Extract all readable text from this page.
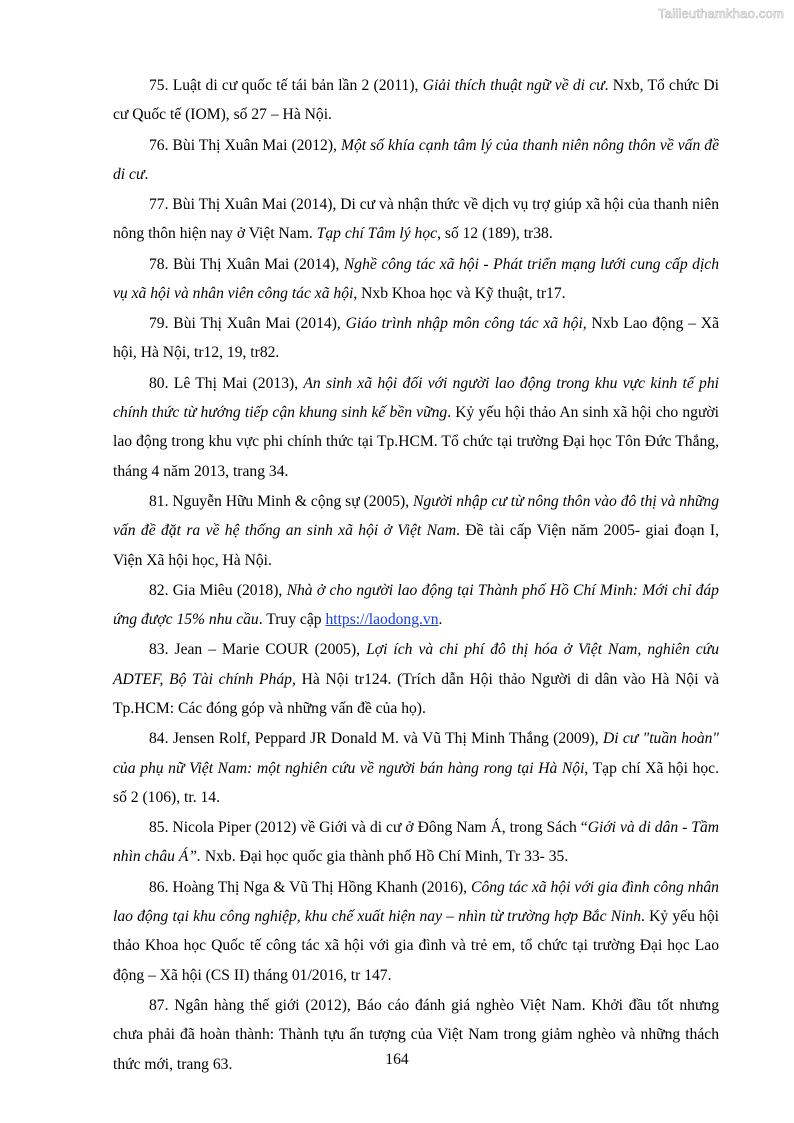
Tailieuthamkhao.com

75. Luật di cư quốc tế tái bản lần 2 (2011), Giải thích thuật ngữ về di cư. Nxb, Tổ chức Di cư Quốc tế (IOM), số 27 – Hà Nội.

76. Bùi Thị Xuân Mai (2012), Một số khía cạnh tâm lý của thanh niên nông thôn về vấn đề di cư.

77. Bùi Thị Xuân Mai (2014), Di cư và nhận thức về dịch vụ trợ giúp xã hội của thanh niên nông thôn hiện nay ở Việt Nam. Tạp chí Tâm lý học, số 12 (189), tr38.

78. Bùi Thị Xuân Mai (2014), Nghề công tác xã hội - Phát triển mạng lưới cung cấp dịch vụ xã hội và nhân viên công tác xã hội, Nxb Khoa học và Kỹ thuật, tr17.

79. Bùi Thị Xuân Mai (2014), Giáo trình nhập môn công tác xã hội, Nxb Lao động – Xã hội, Hà Nội, tr12, 19, tr82.

80. Lê Thị Mai (2013), An sinh xã hội đối với người lao động trong khu vực kinh tế phi chính thức từ hướng tiếp cận khung sinh kế bền vững. Kỷ yếu hội thảo An sinh xã hội cho người lao động trong khu vực phi chính thức tại Tp.HCM. Tổ chức tại trường Đại học Tôn Đức Thắng, tháng 4 năm 2013, trang 34.

81. Nguyễn Hữu Minh & cộng sự (2005), Người nhập cư từ nông thôn vào đô thị và những vấn đề đặt ra về hệ thống an sinh xã hội ở Việt Nam. Đề tài cấp Viện năm 2005- giai đoạn I, Viện Xã hội học, Hà Nội.

82. Gia Miêu (2018), Nhà ở cho người lao động tại Thành phố Hồ Chí Minh: Mới chỉ đáp ứng được 15% nhu cầu. Truy cập https://laodong.vn.

83. Jean – Marie COUR (2005), Lợi ích và chi phí đô thị hóa ở Việt Nam, nghiên cứu ADTEF, Bộ Tài chính Pháp, Hà Nội tr124. (Trích dẫn Hội thảo Người di dân vào Hà Nội và Tp.HCM: Các đóng góp và những vấn đề của họ).

84. Jensen Rolf, Peppard JR Donald M. và Vũ Thị Minh Thắng (2009), Di cư "tuần hoàn" của phụ nữ Việt Nam: một nghiên cứu về người bán hàng rong tại Hà Nội, Tạp chí Xã hội học. số 2 (106), tr. 14.

85. Nicola Piper (2012) về Giới và di cư ở Đông Nam Á, trong Sách “Giới và di dân - Tầm nhìn châu Á”. Nxb. Đại học quốc gia thành phố Hồ Chí Minh, Tr 33- 35.

86. Hoàng Thị Nga & Vũ Thị Hồng Khanh (2016), Công tác xã hội với gia đình công nhân lao động tại khu công nghiệp, khu chế xuất hiện nay – nhìn từ trường hợp Bắc Ninh. Kỷ yếu hội thảo Khoa học Quốc tế công tác xã hội với gia đình và trẻ em, tổ chức tại trường Đại học Lao động – Xã hội (CS II) tháng 01/2016, tr 147.

87. Ngân hàng thế giới (2012), Báo cáo đánh giá nghèo Việt Nam. Khởi đầu tốt nhưng chưa phải đã hoàn thành: Thành tựu ấn tượng của Việt Nam trong giảm nghèo và những thách thức mới, trang 63.	164
